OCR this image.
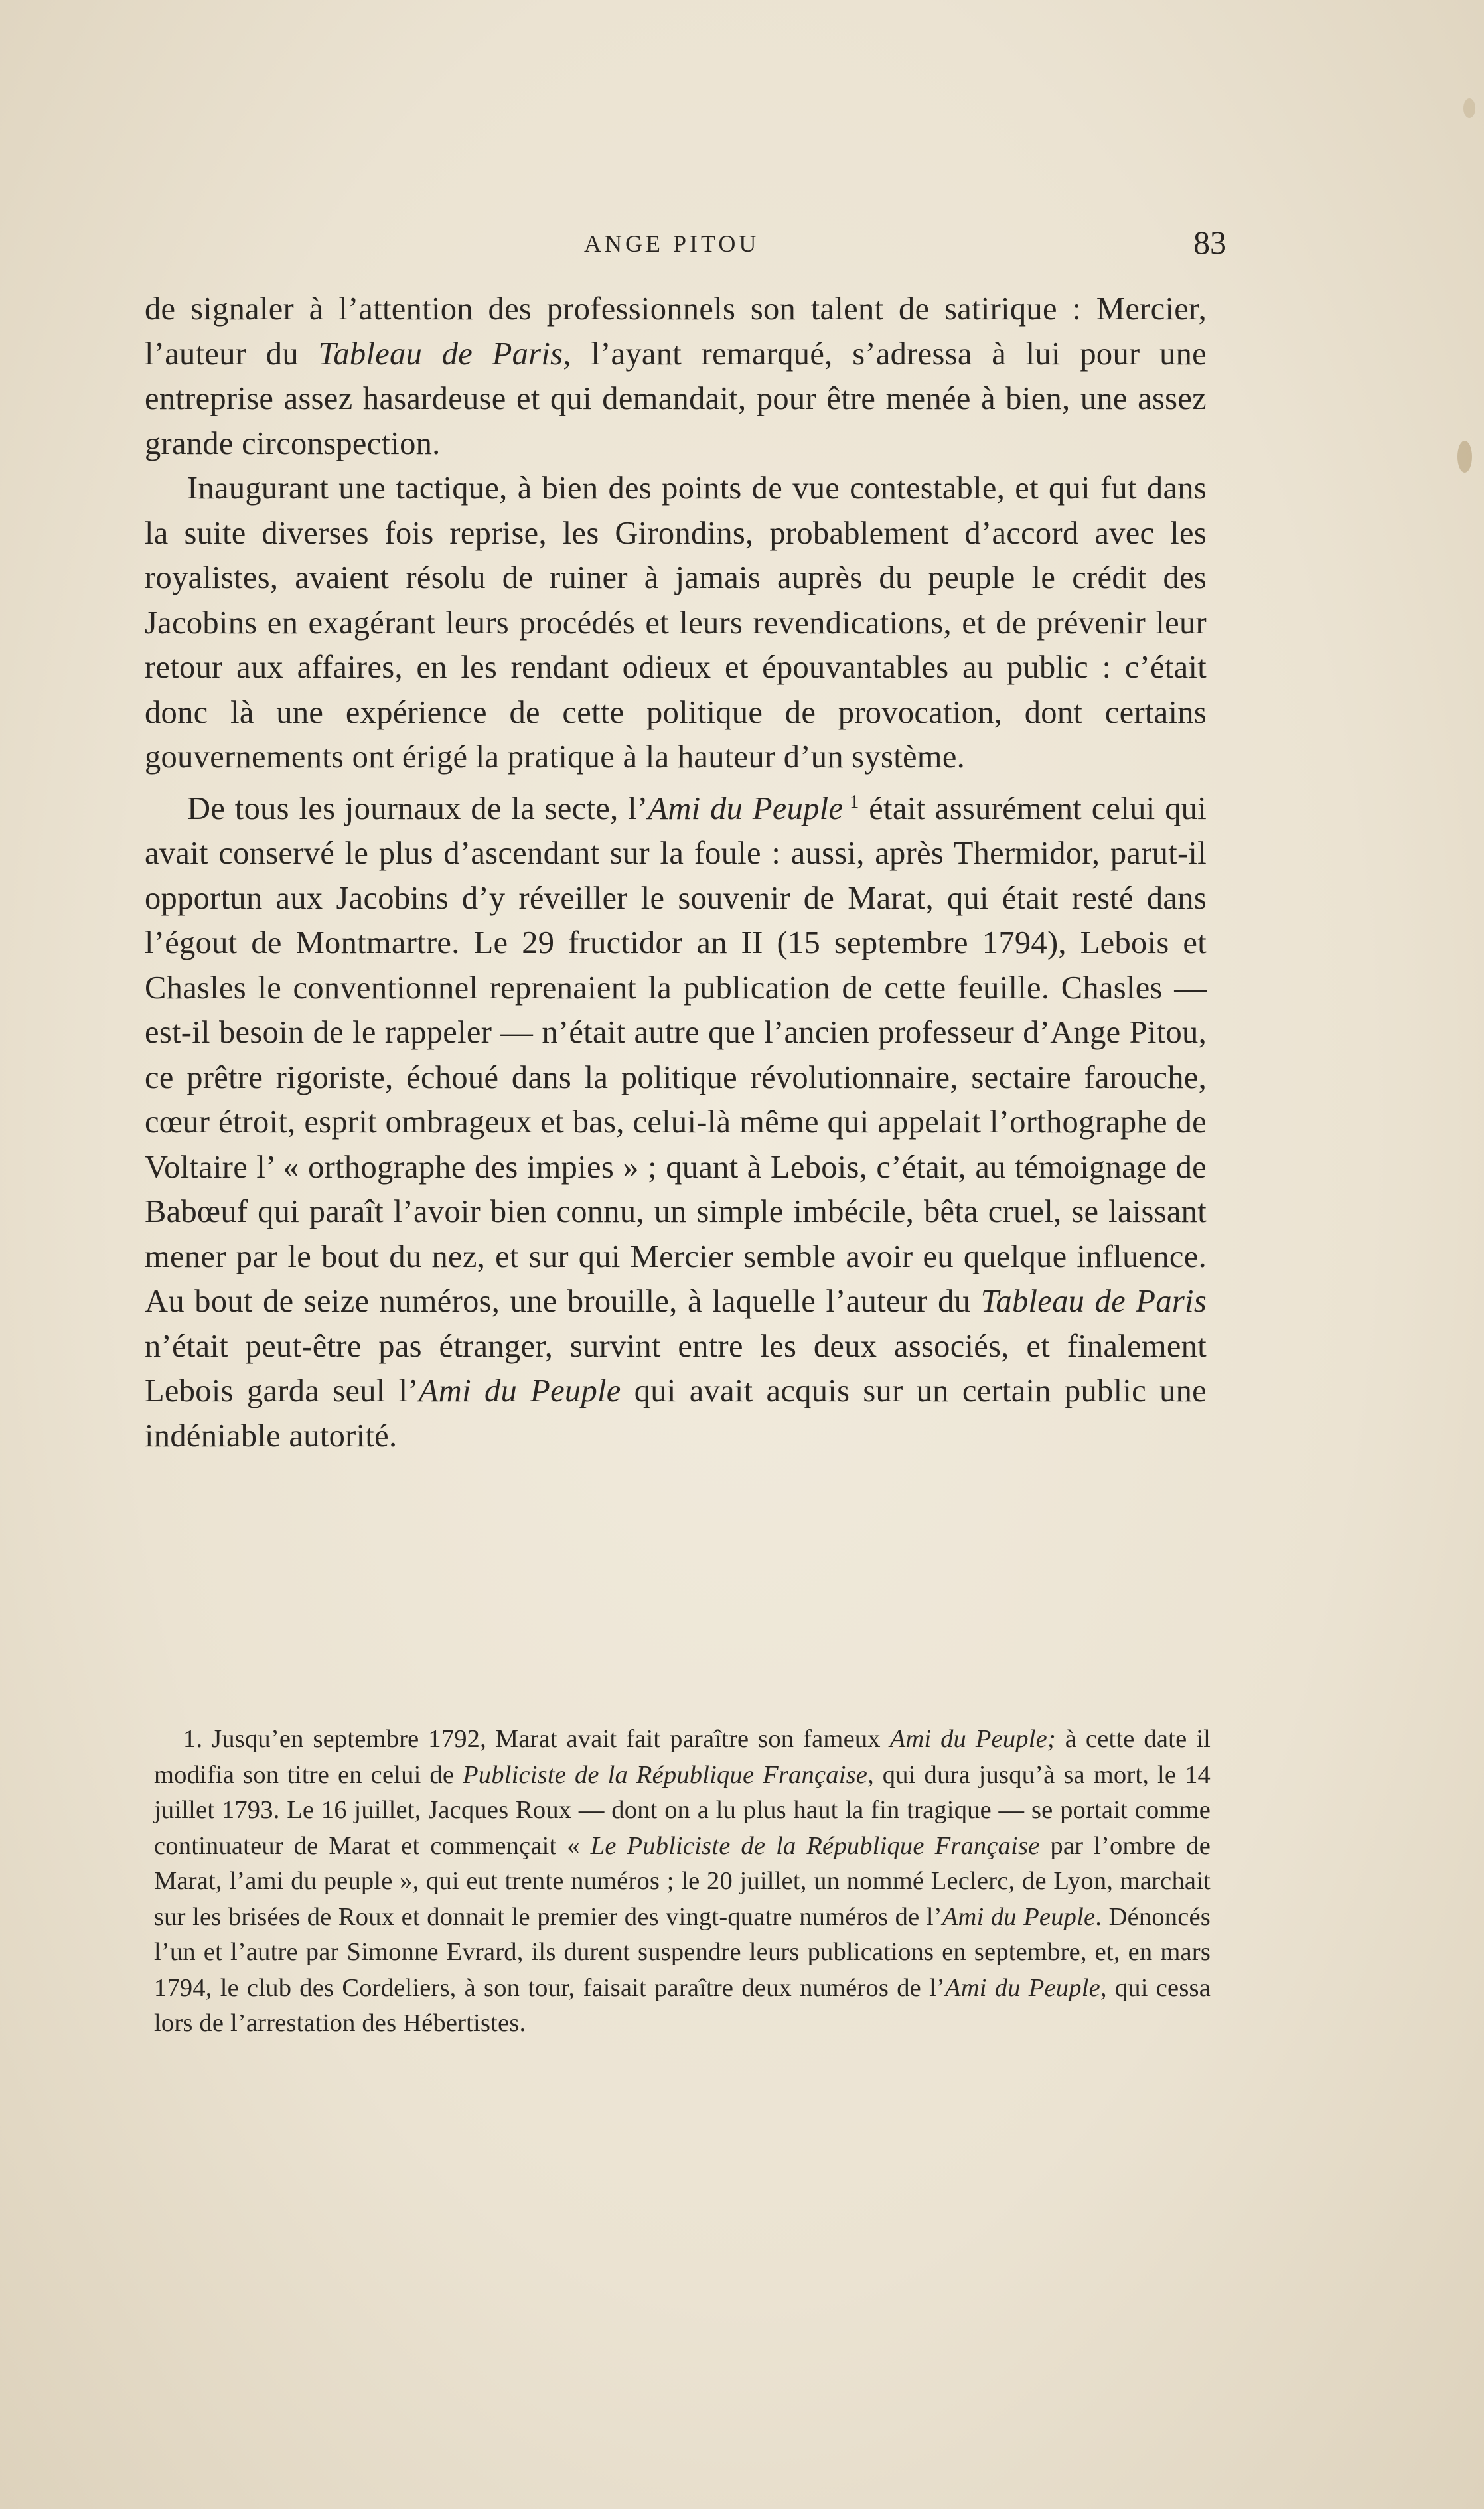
ANGE PITOU	83

de signaler à l’attention des professionnels son talent de satirique : Mercier, l’auteur du Tableau de Paris, l’ayant remarqué, s’adressa à lui pour une entreprise assez hasardeuse et qui demandait, pour être menée à bien, une assez grande circonspection.

Inaugurant une tactique, à bien des points de vue contestable, et qui fut dans la suite diverses fois reprise, les Girondins, probablement d’accord avec les royalistes, avaient résolu de ruiner à jamais auprès du peuple le crédit des Jacobins en exagérant leurs procédés et leurs revendications, et de prévenir leur retour aux affaires, en les rendant odieux et épouvantables au public : c’était donc là une expérience de cette politique de provocation, dont certains gouvernements ont érigé la pratique à la hauteur d’un système.

De tous les journaux de la secte, l’Ami du Peuple $^1$ était assurément celui qui avait conservé le plus d’ascendant sur la foule : aussi, après Thermidor, parut-il opportun aux Jacobins d’y réveiller le souvenir de Marat, qui était resté dans l’égout de Montmartre. Le 29 fructidor an II (15 septembre 1794), Lebois et Chasles le conventionnel reprenaient la publication de cette feuille. Chasles — est-il besoin de le rappeler — n’était autre que l’ancien professeur d’Ange Pitou, ce prêtre rigoriste, échoué dans la politique révolutionnaire, sectaire farouche, cœur étroit, esprit ombrageux et bas, celui-là même qui appelait l’orthographe de Voltaire l’ « orthographe des impies » ; quant à Lebois, c’était, au témoignage de Babœuf qui paraît l’avoir bien connu, un simple imbécile, bêta cruel, se laissant mener par le bout du nez, et sur qui Mercier semble avoir eu quelque influence. Au bout de seize numéros, une brouille, à laquelle l’auteur du Tableau de Paris n’était peut-être pas étranger, survint entre les deux associés, et finalement Lebois garda seul l’Ami du Peuple qui avait acquis sur un certain public une indéniable autorité.

1. Jusqu’en septembre 1792, Marat avait fait paraître son fameux Ami du Peuple; à cette date il modifia son titre en celui de Publiciste de la République Française, qui dura jusqu’à sa mort, le 14 juillet 1793. Le 16 juillet, Jacques Roux — dont on a lu plus haut la fin tragique — se portait comme continuateur de Marat et commençait « Le Publiciste de la République Française par l’ombre de Marat, l’ami du peuple », qui eut trente numéros ; le 20 juillet, un nommé Leclerc, de Lyon, marchait sur les brisées de Roux et donnait le premier des vingt-quatre numéros de l’Ami du Peuple. Dénoncés l’un et l’autre par Simonne Evrard, ils durent suspendre leurs publications en septembre, et, en mars 1794, le club des Cordeliers, à son tour, faisait paraître deux numéros de l’Ami du Peuple, qui cessa lors de l’arrestation des Hébertistes.
